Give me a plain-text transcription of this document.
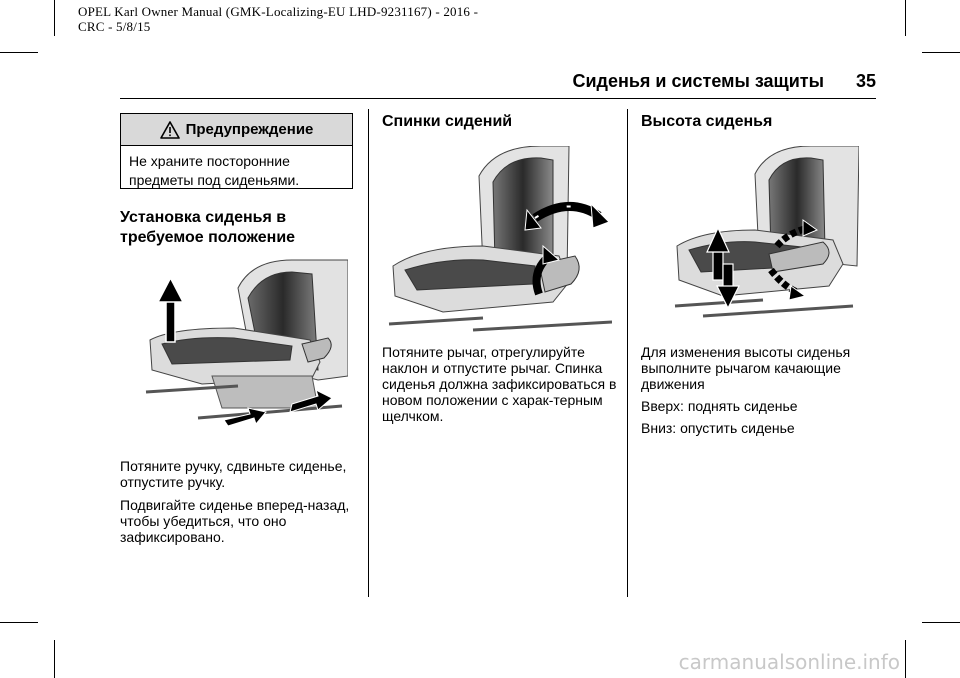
OPEL Karl Owner Manual (GMK-Localizing-EU LHD-9231167) - 2016 -
CRC - 5/8/15
Сиденья и системы защиты	35
Предупреждение
Не храните посторонние предметы под сиденьями.
Установка сиденья в требуемое положение
Потяните ручку, сдвиньте сиденье, отпустите ручку.
Подвигайте сиденье вперед-назад, чтобы убедиться, что оно зафиксировано.
Спинки сидений
Потяните рычаг, отрегулируйте наклон и отпустите рычаг. Спинка сиденья должна зафиксироваться в новом положении с харак-терным щелчком.
Высота сиденья
Для изменения высоты сиденья выполните рычагом качающие движения
Вверх: поднять сиденье
Вниз: опустить сиденье
carmanualsonline.info
